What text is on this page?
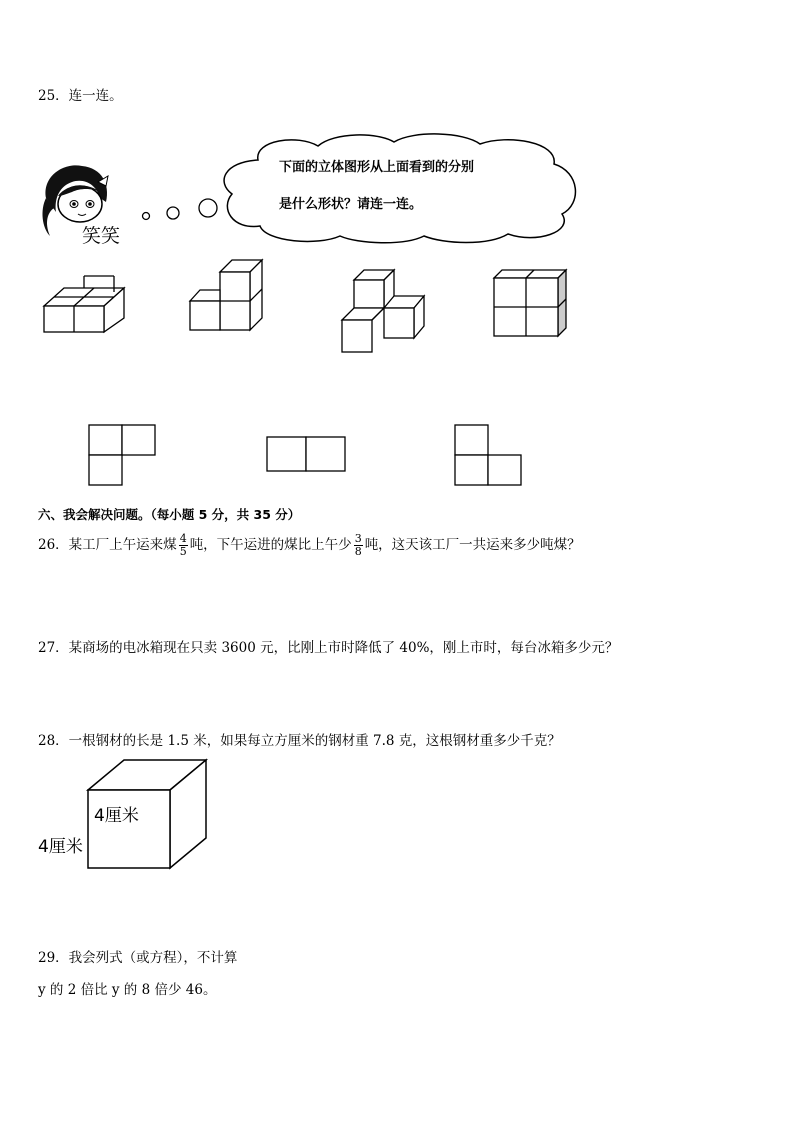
25．连一连。
笑笑
下面的立体图形从上面看到的分别
是什么形状？请连一连。
六、我会解决问题。（每小题 5 分，共 35 分）
26．某工厂上午运来煤 $\frac{4}{5}$ 吨，下午运进的煤比上午少 $\frac{3}{8}$ 吨，这天该工厂一共运来多少吨煤？
27．某商场的电冰箱现在只卖 3600 元，比刚上市时降低了 40%，刚上市时，每台冰箱多少元？
28．一根钢材的长是 1.5 米，如果每立方厘米的钢材重 7.8 克，这根钢材重多少千克？
4厘米
4厘米
29．我会列式（或方程），不计算
y 的 2 倍比 y 的 8 倍少 46。
